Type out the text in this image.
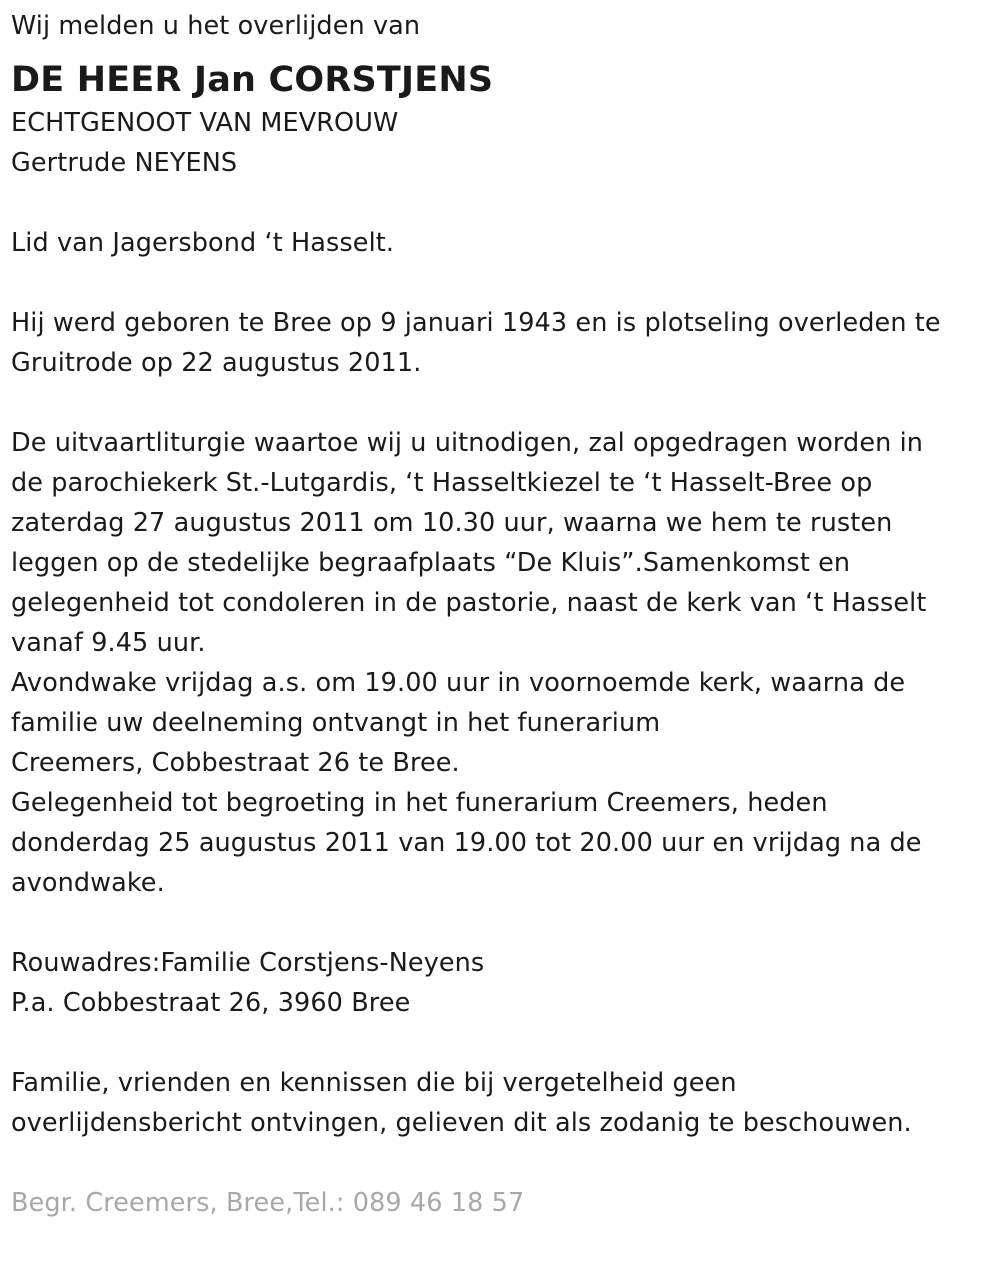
Wij melden u het overlijden van
DE HEER Jan CORSTJENS
ECHTGENOOT VAN MEVROUW
Gertrude NEYENS
Lid van Jagersbond ‘t Hasselt.
Hij werd geboren te Bree op 9 januari 1943 en is plotseling overleden te
Gruitrode op 22 augustus 2011.
De uitvaartliturgie waartoe wij u uitnodigen, zal opgedragen worden in
de parochiekerk St.-Lutgardis, ‘t Hasseltkiezel te ‘t Hasselt-Bree op
zaterdag 27 augustus 2011 om 10.30 uur, waarna we hem te rusten
leggen op de stedelijke begraafplaats “De Kluis”.Samenkomst en
gelegenheid tot condoleren in de pastorie, naast de kerk van ‘t Hasselt
vanaf 9.45 uur.
Avondwake vrijdag a.s. om 19.00 uur in voornoemde kerk, waarna de
familie uw deelneming ontvangt in het funerarium
Creemers, Cobbestraat 26 te Bree.
Gelegenheid tot begroeting in het funerarium Creemers, heden
donderdag 25 augustus 2011 van 19.00 tot 20.00 uur en vrijdag na de
avondwake.
Rouwadres:Familie Corstjens-Neyens
P.a. Cobbestraat 26, 3960 Bree
Familie, vrienden en kennissen die bij vergetelheid geen
overlijdensbericht ontvingen, gelieven dit als zodanig te beschouwen.
Begr. Creemers, Bree,Tel.: 089 46 18 57
